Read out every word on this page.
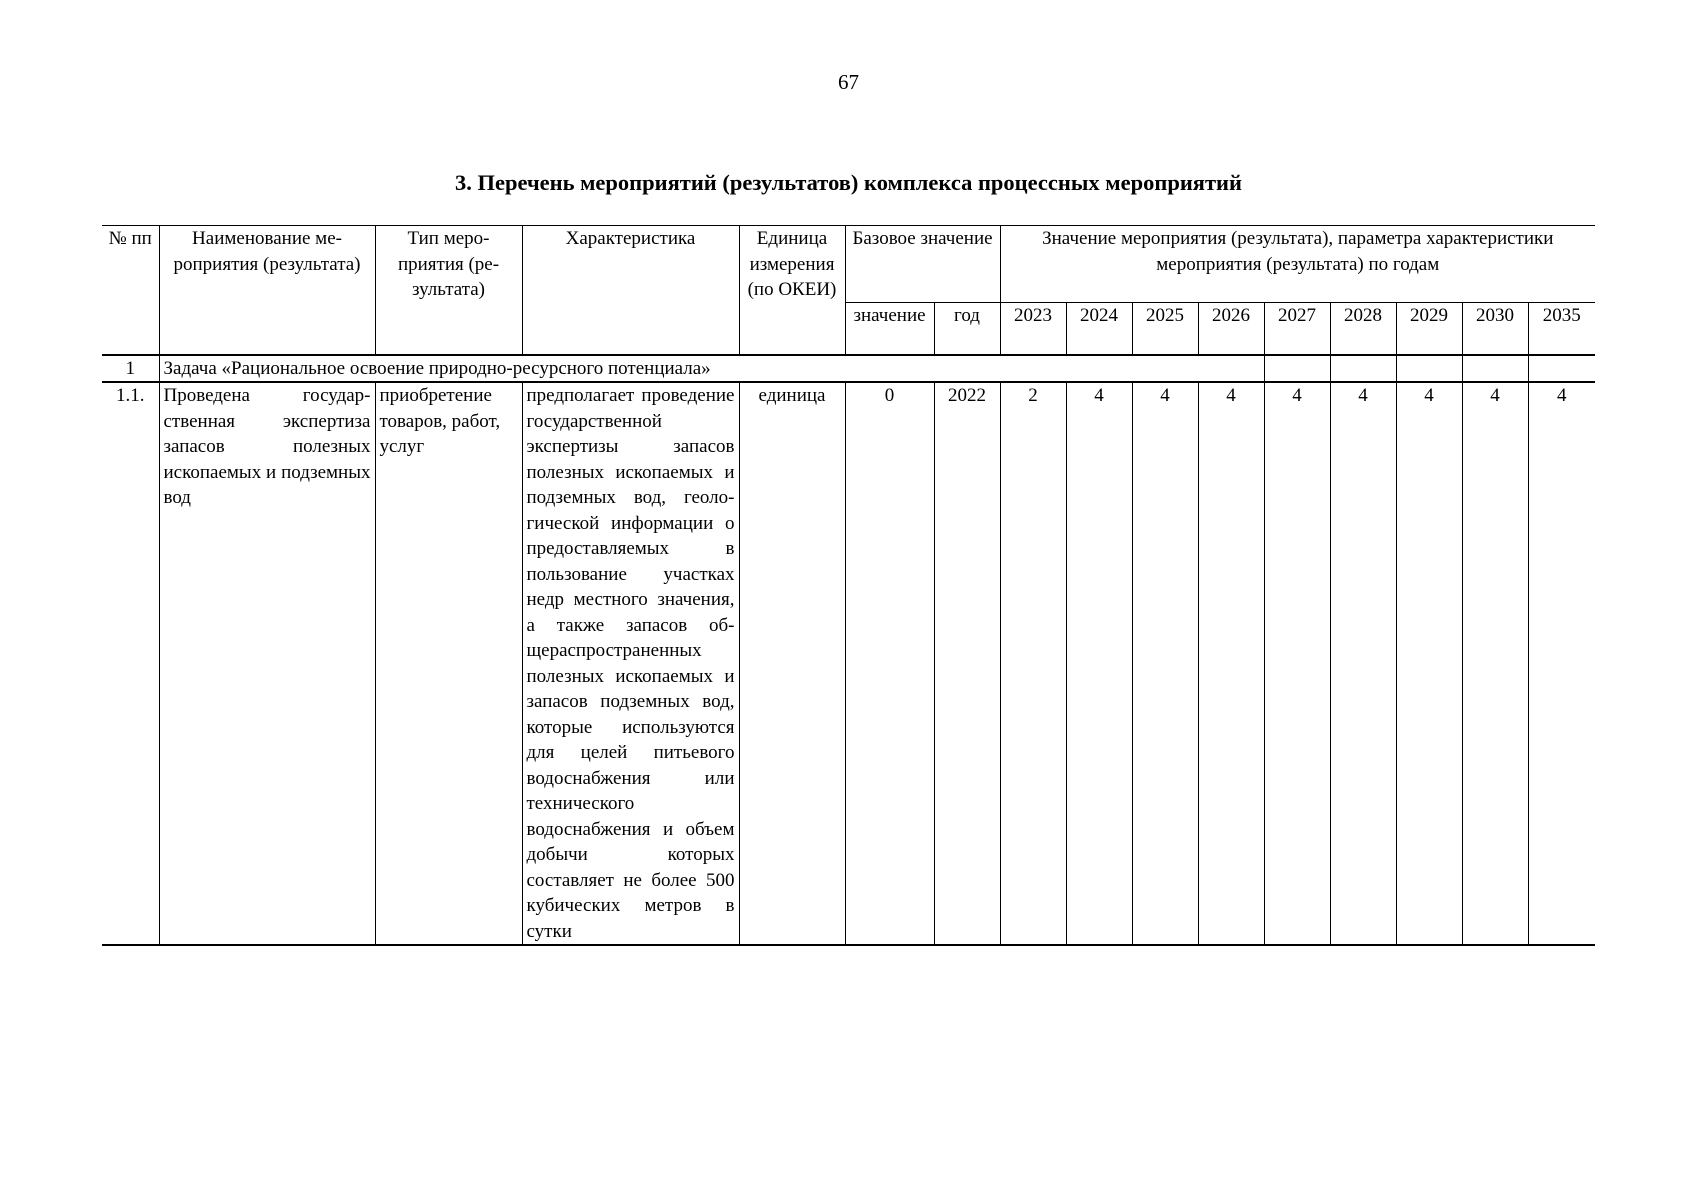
67
3. Перечень мероприятий (результатов) комплекса процессных мероприятий
№ пп	Наименование мероприятия (результата)	Тип мероприятия (результата)	Характеристика	Единица измерения (по ОКЕИ)	Базовое значение		Значение мероприятия (результата), параметра характеристики мероприятия (результата) по годам								
					значение	год	2023	2024	2025	2026	2027	2028	2029	2030	2035
1	Задача «Рациональное освоение природно-ресурсного потенциала»														
1.1.	Проведена государственная экспертиза запасов полезных ископаемых и подземных вод	приобретение товаров, работ, услуг	предполагает проведение государственной экспертизы запасов полезных ископаемых и подземных вод, геологической информации о предоставляемых в пользование участках недр местного значения, а также запасов общераспространенных полезных ископаемых и запасов подземных вод, которые используются для целей питьевого водоснабжения или технического водоснабжения и объем добычи которых составляет не более 500 кубических метров в сутки	единица	0	2022	2	4	4	4	4	4	4	4	4
